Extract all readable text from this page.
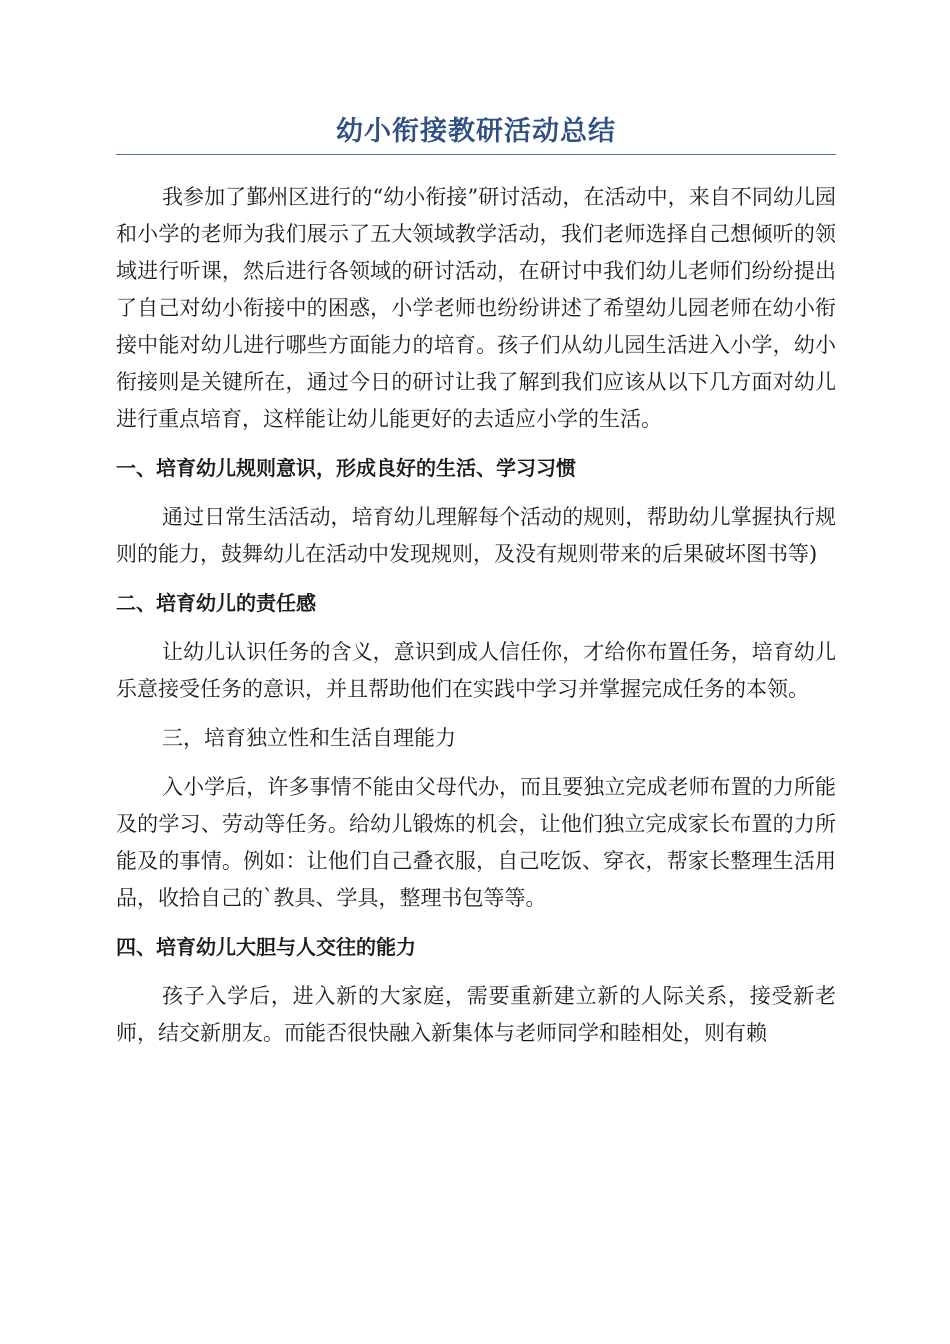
幼小衔接教研活动总结

我参加了鄞州区进行的“幼小衔接”研讨活动，在活动中，来自不同幼儿园和小学的老师为我们展示了五大领域教学活动，我们老师选择自己想倾听的领域进行听课，然后进行各领域的研讨活动，在研讨中我们幼儿老师们纷纷提出了自己对幼小衔接中的困惑，小学老师也纷纷讲述了希望幼儿园老师在幼小衔接中能对幼儿进行哪些方面能力的培育。孩子们从幼儿园生活进入小学，幼小衔接则是关键所在，通过今日的研讨让我了解到我们应该从以下几方面对幼儿进行重点培育，这样能让幼儿能更好的去适应小学的生活。

一、培育幼儿规则意识，形成良好的生活、学习习惯

通过日常生活活动，培育幼儿理解每个活动的规则，帮助幼儿掌握执行规则的能力，鼓舞幼儿在活动中发现规则，及没有规则带来的后果破坏图书等)

二、培育幼儿的责任感

让幼儿认识任务的含义，意识到成人信任你，才给你布置任务，培育幼儿乐意接受任务的意识，并且帮助他们在实践中学习并掌握完成任务的本领。

三，培育独立性和生活自理能力

入小学后，许多事情不能由父母代办，而且要独立完成老师布置的力所能及的学习、劳动等任务。给幼儿锻炼的机会，让他们独立完成家长布置的力所能及的事情。例如：让他们自己叠衣服，自己吃饭、穿衣，帮家长整理生活用品，收拾自己的`教具、学具，整理书包等等。

四、培育幼儿大胆与人交往的能力

孩子入学后，进入新的大家庭，需要重新建立新的人际关系，接受新老师，结交新朋友。而能否很快融入新集体与老师同学和睦相处，则有赖
